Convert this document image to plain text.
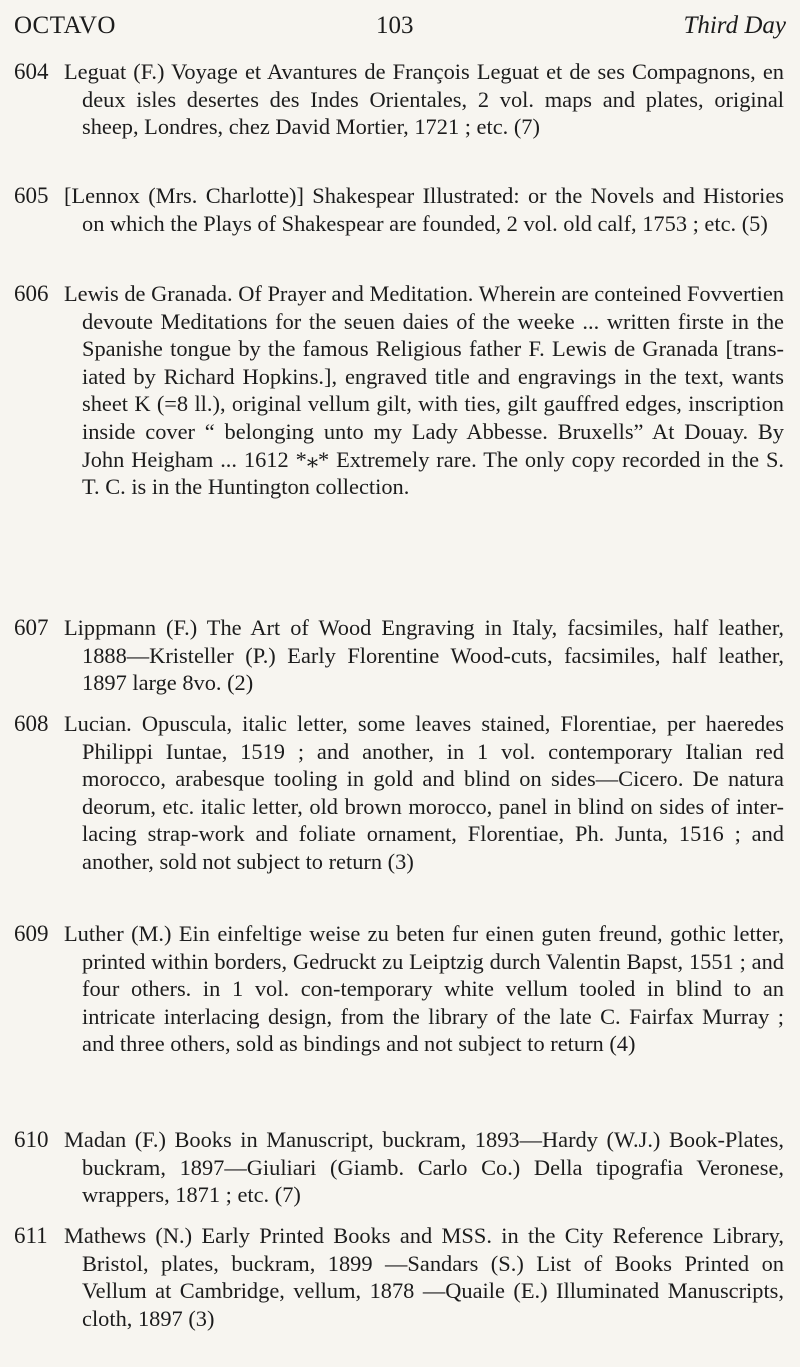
OCTAVO	103	Third Day
604 Leguat (F.) Voyage et Avantures de François Leguat et de ses Compagnons, en deux isles desertes des Indes Orientales, 2 vol. maps and plates, original sheep, Londres, chez David Mortier, 1721 ; etc. (7)
605 [Lennox (Mrs. Charlotte)] Shakespear Illustrated: or the Novels and Histories on which the Plays of Shakespear are founded, 2 vol. old calf, 1753 ; etc. (5)
606 Lewis de Granada. Of Prayer and Meditation. Wherein are conteined Fovvertien devoute Meditations for the seuen daies of the weeke ... written firste in the Spanishe tongue by the famous Religious father F. Lewis de Granada [trans-iated by Richard Hopkins.], engraved title and engravings in the text, wants sheet K (=8 ll.), original vellum gilt, with ties, gilt gauffred edges, inscription inside cover “ belonging unto my Lady Abbesse. Bruxells” At Douay. By John Heigham ... 1612 *⁎* Extremely rare. The only copy recorded in the S. T. C. is in the Huntington collection.
607 Lippmann (F.) The Art of Wood Engraving in Italy, facsimiles, half leather, 1888—Kristeller (P.) Early Florentine Wood-cuts, facsimiles, half leather, 1897 large 8vo. (2)
608 Lucian. Opuscula, italic letter, some leaves stained, Florentiae, per haeredes Philippi Iuntae, 1519 ; and another, in 1 vol. contemporary Italian red morocco, arabesque tooling in gold and blind on sides—Cicero. De natura deorum, etc. italic letter, old brown morocco, panel in blind on sides of inter-lacing strap-work and foliate ornament, Florentiae, Ph. Junta, 1516 ; and another, sold not subject to return (3)
609 Luther (M.) Ein einfeltige weise zu beten fur einen guten freund, gothic letter, printed within borders, Gedruckt zu Leiptzig durch Valentin Bapst, 1551 ; and four others. in 1 vol. con-temporary white vellum tooled in blind to an intricate interlacing design, from the library of the late C. Fairfax Murray ; and three others, sold as bindings and not subject to return (4)
610 Madan (F.) Books in Manuscript, buckram, 1893—Hardy (W.J.) Book-Plates, buckram, 1897—Giuliari (Giamb. Carlo Co.) Della tipografia Veronese, wrappers, 1871 ; etc. (7)
611 Mathews (N.) Early Printed Books and MSS. in the City Reference Library, Bristol, plates, buckram, 1899 —Sandars (S.) List of Books Printed on Vellum at Cambridge, vellum, 1878 —Quaile (E.) Illuminated Manuscripts, cloth, 1897 (3)
